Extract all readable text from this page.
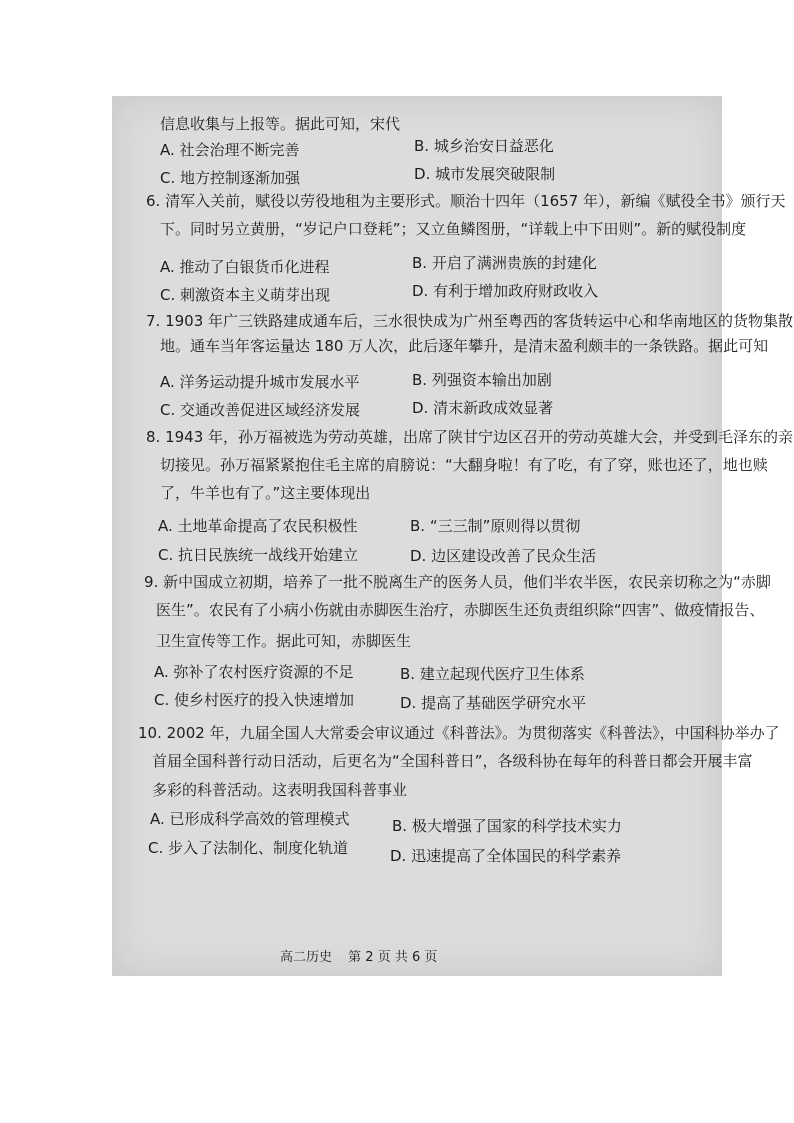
信息收集与上报等。据此可知，宋代
A. 社会治理不断完善	B. 城乡治安日益恶化
C. 地方控制逐渐加强	D. 城市发展突破限制
6. 清军入关前，赋役以劳役地租为主要形式。顺治十四年（1657 年），新编《赋役全书》颁行天
下。同时另立黄册，“岁记户口登耗”；又立鱼鳞图册，“详载上中下田则”。新的赋役制度
A. 推动了白银货币化进程	B. 开启了满洲贵族的封建化
C. 刺激资本主义萌芽出现	D. 有利于增加政府财政收入
7. 1903 年广三铁路建成通车后，三水很快成为广州至粤西的客货转运中心和华南地区的货物集散
地。通车当年客运量达 180 万人次，此后逐年攀升，是清末盈利颇丰的一条铁路。据此可知
A. 洋务运动提升城市发展水平	B. 列强资本输出加剧
C. 交通改善促进区域经济发展	D. 清末新政成效显著
8. 1943 年，孙万福被选为劳动英雄，出席了陕甘宁边区召开的劳动英雄大会，并受到毛泽东的亲
切接见。孙万福紧紧抱住毛主席的肩膀说：“大翻身啦！有了吃，有了穿，账也还了，地也赎
了，牛羊也有了。”这主要体现出
A. 土地革命提高了农民积极性	B. “三三制”原则得以贯彻
C. 抗日民族统一战线开始建立	D. 边区建设改善了民众生活
9. 新中国成立初期，培养了一批不脱离生产的医务人员，他们半农半医，农民亲切称之为“赤脚
医生”。农民有了小病小伤就由赤脚医生治疗，赤脚医生还负责组织除“四害”、做疫情报告、
卫生宣传等工作。据此可知，赤脚医生
A. 弥补了农村医疗资源的不足	B. 建立起现代医疗卫生体系
C. 使乡村医疗的投入快速增加	D. 提高了基础医学研究水平
10. 2002 年，九届全国人大常委会审议通过《科普法》。为贯彻落实《科普法》，中国科协举办了
首届全国科普行动日活动，后更名为“全国科普日”，各级科协在每年的科普日都会开展丰富
多彩的科普活动。这表明我国科普事业
A. 已形成科学高效的管理模式	B. 极大增强了国家的科学技术实力
C. 步入了法制化、制度化轨道	D. 迅速提高了全体国民的科学素养
高二历史 第 2 页 共 6 页
